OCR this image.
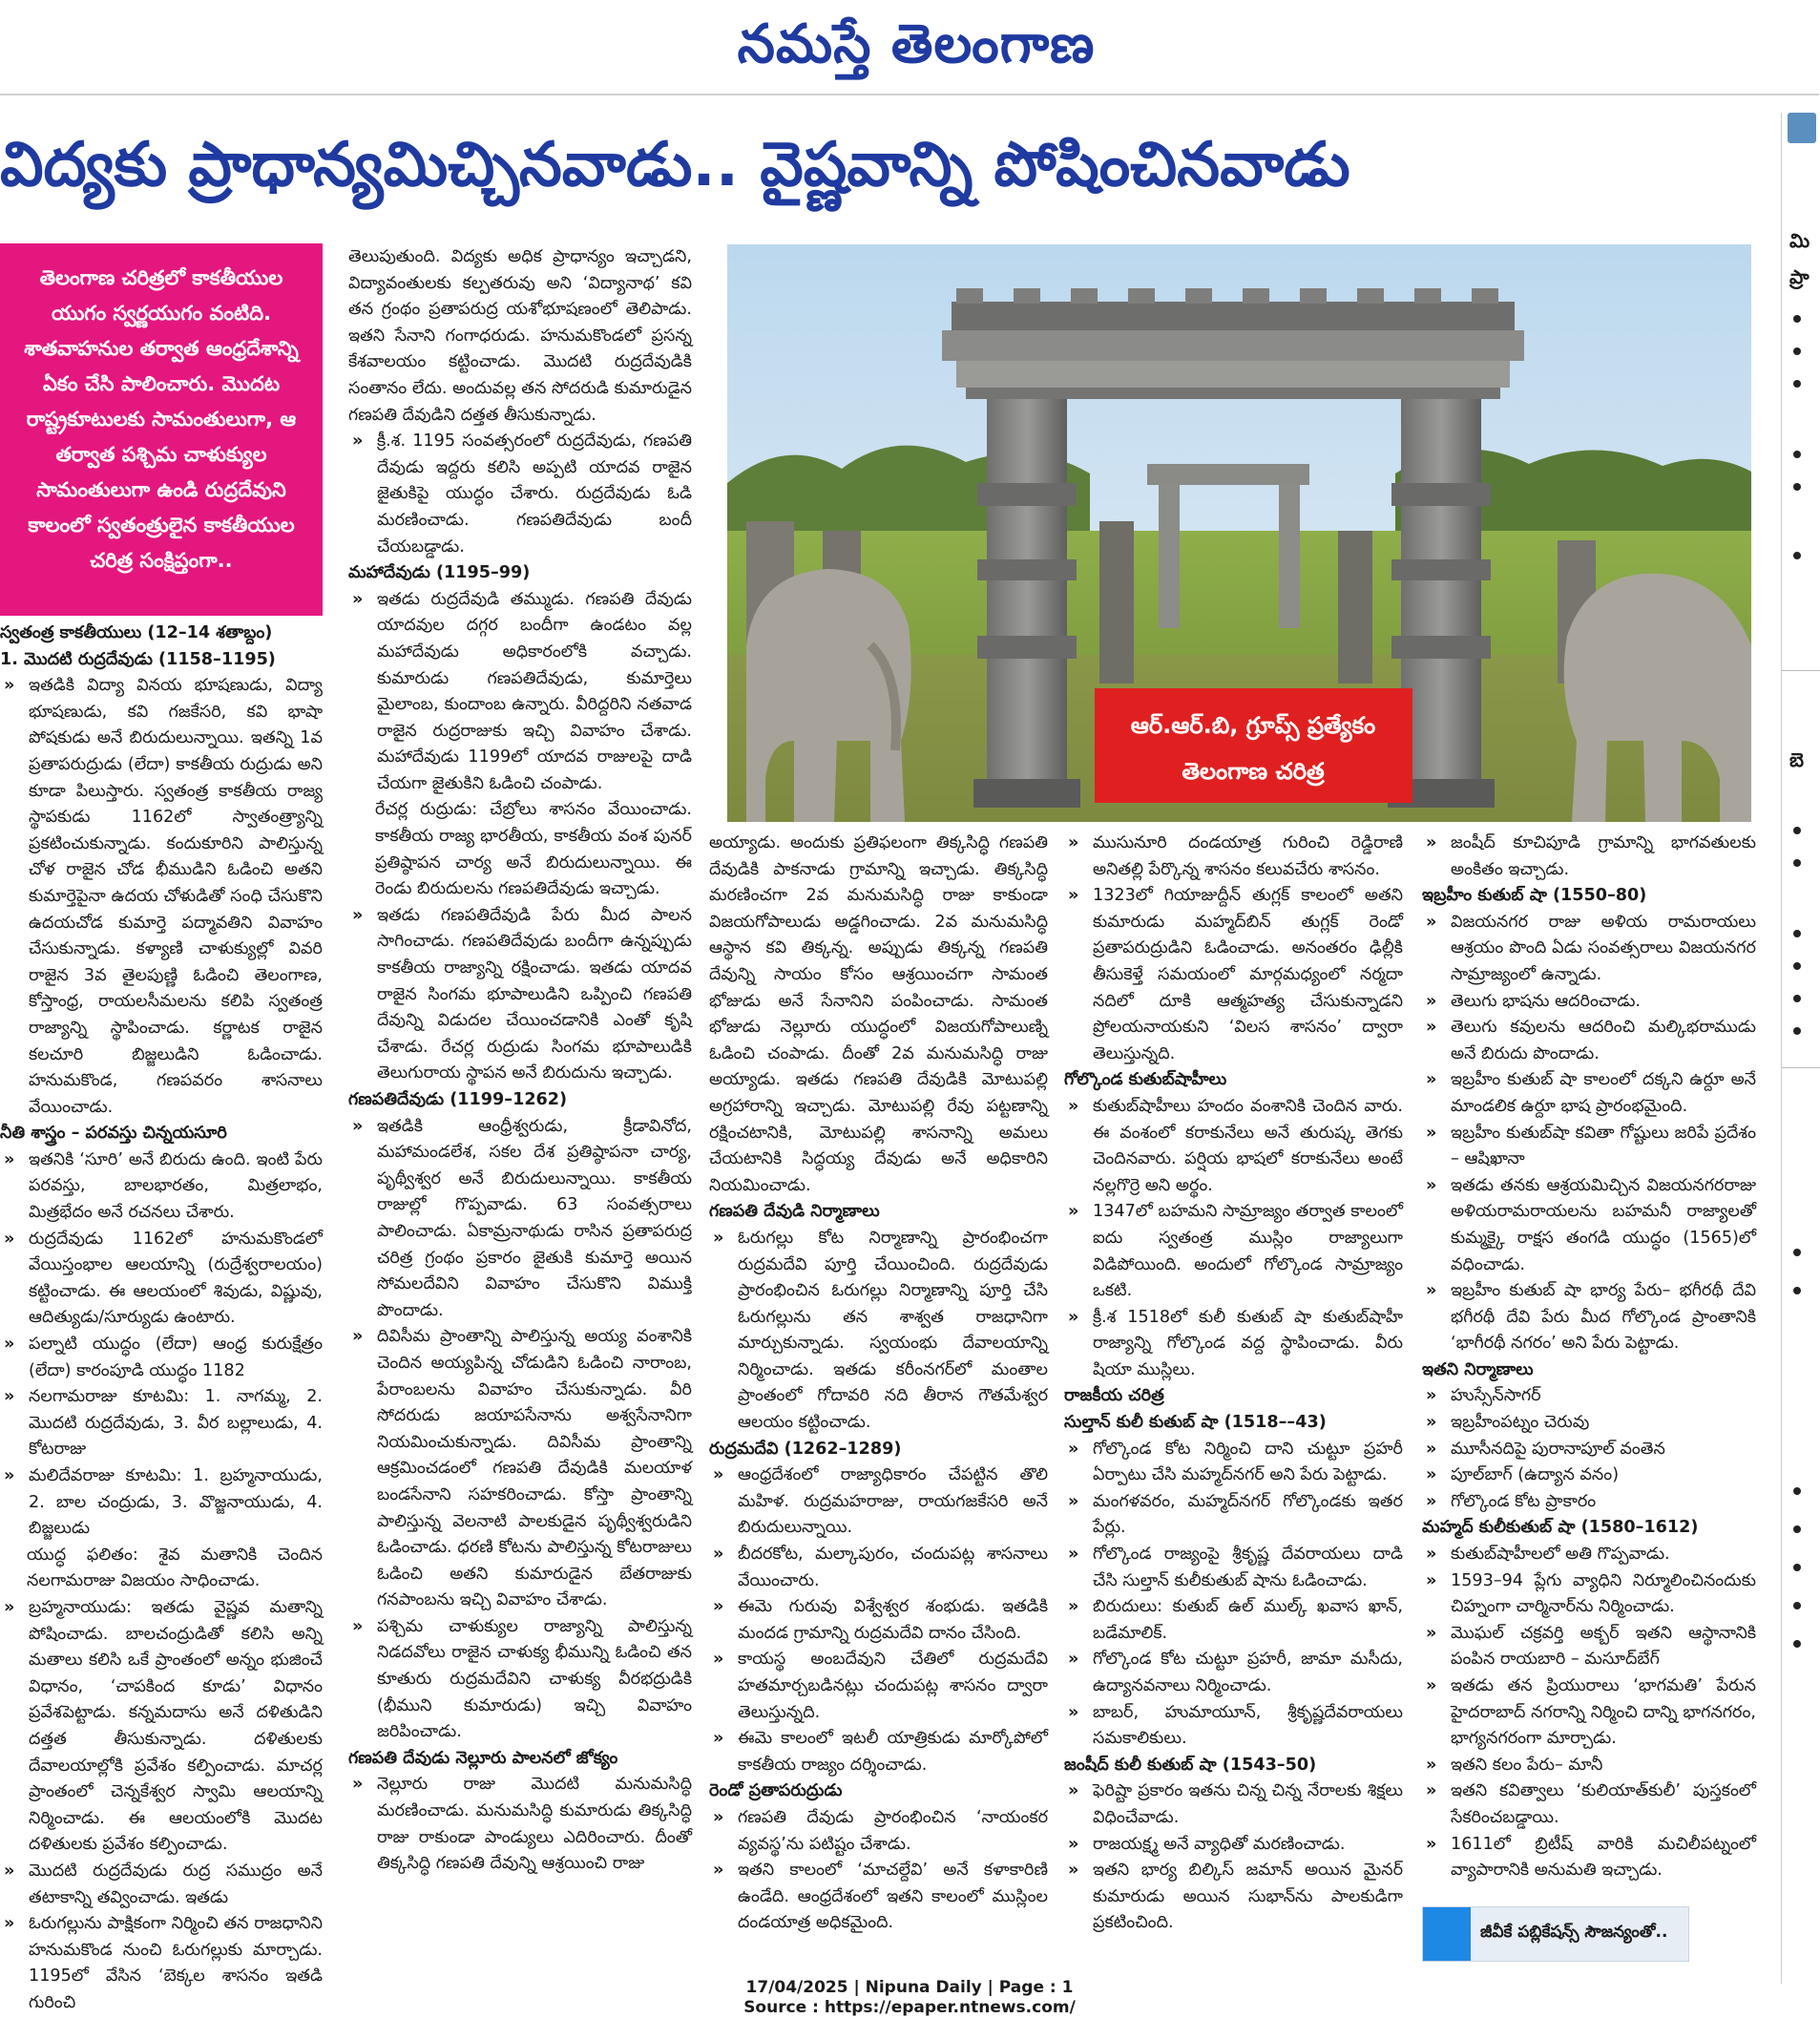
నమస్తే తెలంగాణ
విద్యకు ప్రాధాన్యమిచ్చినవాడు.. వైష్ణవాన్ని పోషించినవాడు
మి
ప్రా
బె
తెలంగాణ చరిత్రలో కాకతీయుల యుగం స్వర్ణయుగం వంటిది. శాతవాహనుల తర్వాత ఆంధ్రదేశాన్ని ఏకం చేసి పాలించారు. మొదట రాష్ట్రకూటులకు సామంతులుగా, ఆ తర్వాత పశ్చిమ చాళుక్యుల సామంతులుగా ఉండి రుద్రదేవుని కాలంలో స్వతంత్రులైన కాకతీయుల చరిత్ర సంక్షిప్తంగా..
ఆర్.ఆర్.బి, గ్రూప్స్ ప్రత్యేకం
తెలంగాణ చరిత్ర

స్వతంత్ర కాకతీయులు (12–14 శతాబ్దం)

1. మొదటి రుద్రదేవుడు (1158–1195)

» ఇతడికి విద్యా వినయ భూషణుడు, విద్యా భూషణుడు, కవి గజకేసరి, కవి భాషా పోషకుడు అనే బిరుదులున్నాయి. ఇతన్ని 1వ ప్రతాపరుద్రుడు (లేదా) కాకతీయ రుద్రుడు అని కూడా పిలుస్తారు. స్వతంత్ర కాకతీయ రాజ్య స్థాపకుడు 1162లో స్వాతంత్ర్యాన్ని ప్రకటించుకున్నాడు. కందుకూరిని పాలిస్తున్న చోళ రాజైన చోడ భీముడిని ఓడించి అతని కుమార్తెపైనా ఉదయ చోళుడితో సంధి చేసుకొని ఉదయచోడ కుమార్తె పద్మావతిని వివాహం చేసుకున్నాడు. కళ్యాణి చాళుక్యుల్లో వివరి రాజైన 3వ తైలపుణ్ణి ఓడించి తెలంగాణ, కోస్తాంధ్ర, రాయలసీమలను కలిపి స్వతంత్ర రాజ్యాన్ని స్థాపించాడు. కర్ణాటక రాజైన కలచూరి బిజ్జలుడిని ఓడించాడు. హనుమకొండ, గణపవరం శాసనాలు వేయించాడు.

నీతి శాస్త్రం – పరవస్తు చిన్నయసూరి

» ఇతనికి ‘సూరి’ అనే బిరుదు ఉంది. ఇంటి పేరు పరవస్తు, బాలభారతం, మిత్రలాభం, మిత్రభేదం అనే రచనలు చేశారు.

» రుద్రదేవుడు 1162లో హనుమకొండలో వేయిస్తంభాల ఆలయాన్ని (రుద్రేశ్వరాలయం) కట్టించాడు. ఈ ఆలయంలో శివుడు, విష్ణువు, ఆదిత్యుడు/సూర్యుడు ఉంటారు.

» పల్నాటి యుద్ధం (లేదా) ఆంధ్ర కురుక్షేత్రం (లేదా) కారంపూడి యుద్ధం 1182

» నలగామరాజు కూటమి: 1. నాగమ్మ, 2. మొదటి రుద్రదేవుడు, 3. వీర బల్లాలుడు, 4. కోటరాజు

» మలిదేవరాజు కూటమి: 1. బ్రహ్మనాయుడు, 2. బాల చంద్రుడు, 3. వొజ్జనాయుడు, 4. బిజ్జలుడు

యుద్ధ ఫలితం: శైవ మతానికి చెందిన నలగామరాజు విజయం సాధించాడు.

» బ్రహ్మనాయుడు: ఇతడు వైష్ణవ మతాన్ని పోషించాడు. బాలచంద్రుడితో కలిసి అన్ని మతాలు కలిసి ఒకే ప్రాంతంలో అన్నం భుజించే విధానం, ‘చాపకింద కూడు’ విధానం ప్రవేశపెట్టాడు. కన్నమదాసు అనే దళితుడిని దత్తత తీసుకున్నాడు. దళితులకు దేవాలయాల్లోకి ప్రవేశం కల్పించాడు. మాచర్ల ప్రాంతంలో చెన్నకేశ్వర స్వామి ఆలయాన్ని నిర్మించాడు. ఈ ఆలయంలోకి మొదట దళితులకు ప్రవేశం కల్పించాడు.

» మొదటి రుద్రదేవుడు రుద్ర సముద్రం అనే తటాకాన్ని తవ్వించాడు. ఇతడు

» ఓరుగల్లును పాక్షికంగా నిర్మించి తన రాజధానిని హనుమకొండ నుంచి ఓరుగల్లుకు మార్చాడు. 1195లో వేసిన ‘బెక్కల శాసనం ఇతడి గురించి

తెలుపుతుంది. విద్యకు అధిక ప్రాధాన్యం ఇచ్చాడని, విద్యావంతులకు కల్పతరువు అని ‘విద్యానాథ’ కవి తన గ్రంథం ప్రతాపరుద్ర యశోభూషణంలో తెలిపాడు. ఇతని సేనాని గంగాధరుడు. హనుమకొండలో ప్రసన్న కేశవాలయం కట్టించాడు. మొదటి రుద్రదేవుడికి సంతానం లేదు. అందువల్ల తన సోదరుడి కుమారుడైన గణపతి దేవుడిని దత్తత తీసుకున్నాడు.

» క్రీ.శ. 1195 సంవత్సరంలో రుద్రదేవుడు, గణపతి దేవుడు ఇద్దరు కలిసి అప్పటి యాదవ రాజైన జైతుకిపై యుద్ధం చేశారు. రుద్రదేవుడు ఓడి మరణించాడు. గణపతిదేవుడు బందీ చేయబడ్డాడు.

మహాదేవుడు (1195–99)

» ఇతడు రుద్రదేవుడి తమ్ముడు. గణపతి దేవుడు యాదవుల దగ్గర బందీగా ఉండటం వల్ల మహాదేవుడు అధికారంలోకి వచ్చాడు. కుమారుడు గణపతిదేవుడు, కుమార్తెలు మైలాంబ, కుందాంబ ఉన్నారు. వీరిద్దరిని నతవాడ రాజైన రుద్రరాజుకు ఇచ్చి వివాహం చేశాడు. మహాదేవుడు 1199లో యాదవ రాజులపై దాడి చేయగా జైతుకిని ఓడించి చంపాడు.

రేచర్ల రుద్రుడు: చేబ్రోలు శాసనం వేయించాడు. కాకతీయ రాజ్య భారతీయ, కాకతీయ వంశ పునర్ ప్రతిష్ఠాపన చార్య అనే బిరుదులున్నాయి. ఈ రెండు బిరుదులను గణపతిదేవుడు ఇచ్చాడు.

» ఇతడు గణపతిదేవుడి పేరు మీద పాలన సాగించాడు. గణపతిదేవుడు బందీగా ఉన్నప్పుడు కాకతీయ రాజ్యాన్ని రక్షించాడు. ఇతడు యాదవ రాజైన సింగమ భూపాలుడిని ఒప్పించి గణపతి దేవున్ని విడుదల చేయించడానికి ఎంతో కృషి చేశాడు. రేచర్ల రుద్రుడు సింగమ భూపాలుడికి తెలుగురాయ స్థాపన అనే బిరుదును ఇచ్చాడు.

గణపతిదేవుడు (1199–1262)

» ఇతడికి ఆంధ్రీశ్వరుడు, క్రీడావినోద, మహామండలేశ, సకల దేశ ప్రతిష్ఠాపనా చార్య, పృథ్వీశ్వర అనే బిరుదులున్నాయి. కాకతీయ రాజుల్లో గొప్పవాడు. 63 సంవత్సరాలు పాలించాడు. ఏకామ్రనాథుడు రాసిన ప్రతాపరుద్ర చరిత్ర గ్రంథం ప్రకారం జైతుకి కుమార్తె అయిన సోమలదేవిని వివాహం చేసుకొని విముక్తి పొందాడు.

» దివిసీమ ప్రాంతాన్ని పాలిస్తున్న అయ్య వంశానికి చెందిన అయ్యపిన్న చోడుడిని ఓడించి నారాంబ, పేరాంబలను వివాహం చేసుకున్నాడు. వీరి సోదరుడు జయాపసేనాను అశ్వసేనానిగా నియమించుకున్నాడు. దివిసీమ ప్రాంతాన్ని ఆక్రమించడంలో గణపతి దేవుడికి మలయాళ బండసేనాని సహకరించాడు. కోస్తా ప్రాంతాన్ని పాలిస్తున్న వెలనాటి పాలకుడైన పృథ్వీశ్వరుడిని ఓడించాడు. ధరణి కోటను పాలిస్తున్న కోటరాజులు ఓడించి అతని కుమారుడైన బేతరాజుకు గనపాంబను ఇచ్చి వివాహం చేశాడు.

» పశ్చిమ చాళుక్యుల రాజ్యాన్ని పాలిస్తున్న నిడదవోలు రాజైన చాళుక్య భీమున్ని ఓడించి తన కూతురు రుద్రమదేవిని చాళుక్య వీరభద్రుడికి (భీముని కుమారుడు) ఇచ్చి వివాహం జరిపించాడు.

గణపతి దేవుడు నెల్లూరు పాలనలో జోక్యం

» నెల్లూరు రాజు మొదటి మనుమసిద్ధి మరణించాడు. మనుమసిద్ధి కుమారుడు తిక్కసిద్ధి రాజు రాకుండా పాండ్యులు ఎదిరించారు. దీంతో తిక్కసిద్ధి గణపతి దేవున్ని ఆశ్రయించి రాజు

అయ్యాడు. అందుకు ప్రతిఫలంగా తిక్కసిద్ధి గణపతి దేవుడికి పాకనాడు గ్రామాన్ని ఇచ్చాడు. తిక్కసిద్ధి మరణించగా 2వ మనుమసిద్ధి రాజు కాకుండా విజయగోపాలుడు అడ్డగించాడు. 2వ మనుమసిద్ధి ఆస్థాన కవి తిక్కన్న. అప్పుడు తిక్కన్న గణపతి దేవున్ని సాయం కోసం ఆశ్రయించగా సామంత భోజుడు అనే సేనానిని పంపించాడు. సామంత భోజుడు నెల్లూరు యుద్ధంలో విజయగోపాలుణ్ని ఓడించి చంపాడు. దీంతో 2వ మనుమసిద్ధి రాజు అయ్యాడు. ఇతడు గణపతి దేవుడికి మోటుపల్లి అగ్రహారాన్ని ఇచ్చాడు. మోటుపల్లి రేవు పట్టణాన్ని రక్షించటానికి, మోటుపల్లి శాసనాన్ని అమలు చేయటానికి సిద్ధయ్య దేవుడు అనే అధికారిని నియమించాడు.

గణపతి దేవుడి నిర్మాణాలు

» ఓరుగల్లు కోట నిర్మాణాన్ని ప్రారంభించగా రుద్రమదేవి పూర్తి చేయించింది. రుద్రదేవుడు ప్రారంభించిన ఓరుగల్లు నిర్మాణాన్ని పూర్తి చేసి ఓరుగల్లును తన శాశ్వత రాజధానిగా మార్చుకున్నాడు. స్వయంభు దేవాలయాన్ని నిర్మించాడు. ఇతడు కరీంనగర్‌లో మంతాల ప్రాంతంలో గోదావరి నది తీరాన గౌతమేశ్వర ఆలయం కట్టించాడు.

రుద్రమదేవి (1262–1289)

» ఆంధ్రదేశంలో రాజ్యాధికారం చేపట్టిన తొలి మహిళ. రుద్రమహరాజు, రాయగజకేసరి అనే బిరుదులున్నాయి.

» బీదరకోట, మల్కాపురం, చందుపట్ల శాసనాలు వేయించారు.

» ఈమె గురువు విశ్వేశ్వర శంభుడు. ఇతడికి మందడ గ్రామాన్ని రుద్రమదేవి దానం చేసింది.

» కాయస్థ అంబదేవుని చేతిలో రుద్రమదేవి హతమార్చబడినట్లు చందుపట్ల శాసనం ద్వారా తెలుస్తున్నది.

» ఈమె కాలంలో ఇటలీ యాత్రికుడు మార్కోపోలో కాకతీయ రాజ్యం దర్శించాడు.

రెండో ప్రతాపరుద్రుడు

» గణపతి దేవుడు ప్రారంభించిన ‘నాయంకర వ్యవస్థ’ను పటిష్టం చేశాడు.

» ఇతని కాలంలో ‘మాచల్దేవి’ అనే కళాకారిణి ఉండేది. ఆంధ్రదేశంలో ఇతని కాలంలో ముస్లింల దండయాత్ర అధికమైంది.

» ముసునూరి దండయాత్ర గురించి రెడ్డిరాణి అనితల్లి పేర్కొన్న శాసనం కలువచేరు శాసనం.

» 1323లో గియాజుద్దీన్ తుగ్లక్ కాలంలో అతని కుమారుడు మహ్మద్‌బిన్ తుగ్లక్ రెండో ప్రతాపరుద్రుడిని ఓడించాడు. అనంతరం ఢిల్లీకి తీసుకెళ్తే సమయంలో మార్గమధ్యంలో నర్మదా నదిలో దూకి ఆత్మహత్య చేసుకున్నాడని ప్రోలయనాయకుని ‘విలస శాసనం’ ద్వారా తెలుస్తున్నది.

గోల్కొండ కుతుబ్‌షాహీలు

» కుతుబ్‌షాహీలు హందం వంశానికి చెందిన వారు. ఈ వంశంలో కరాకునేలు అనే తురుష్క తెగకు చెందినవారు. పర్షియ భాషలో కరాకునేలు అంటే నల్లగొర్రె అని అర్థం.

» 1347లో బహమని సామ్రాజ్యం తర్వాత కాలంలో ఐదు స్వతంత్ర ముస్లిం రాజ్యాలుగా విడిపోయింది. అందులో గోల్కొండ సామ్రాజ్యం ఒకటి.

» క్రీ.శ 1518లో కులీ కుతుబ్ షా కుతుబ్‌షాహీ రాజ్యాన్ని గోల్కొండ వద్ద స్థాపించాడు. వీరు షియా ముస్లిలు.

రాజకీయ చరిత్ర

సుల్తాన్ కులీ కుతుబ్ షా (1518––43)

» గోల్కొండ కోట నిర్మించి దాని చుట్టూ ప్రహరీ ఏర్పాటు చేసి మహ్మద్‌నగర్ అని పేరు పెట్టాడు.

» మంగళవరం, మహ్మద్‌నగర్ గోల్కొండకు ఇతర పేర్లు.

» గోల్కొండ రాజ్యంపై శ్రీకృష్ణ దేవరాయలు దాడి చేసి సుల్తాన్ కులీకుతుబ్ షాను ఓడించాడు.

» బిరుదులు: కుతుబ్ ఉల్ ముల్క్ ఖవాస ఖాన్, బడేమాలిక్.

» గోల్కొండ కోట చుట్టూ ప్రహరీ, జామా మసీదు, ఉద్యానవనాలు నిర్మించాడు.

» బాబర్, హుమాయూన్, శ్రీకృష్ణదేవరాయలు సమకాలికులు.

జంషీద్ కులీ కుతుబ్ షా (1543–50)

» ఫెరిష్టా ప్రకారం ఇతను చిన్న చిన్న నేరాలకు శిక్షలు విధించేవాడు.

» రాజయక్ష్మ అనే వ్యాధితో మరణించాడు.

» ఇతని భార్య బిల్కిస్ జమాన్ అయిన మైనర్ కుమారుడు అయిన సుభాన్‌ను పాలకుడిగా ప్రకటించింది.

» జంషీద్ కూచిపూడి గ్రామాన్ని భాగవతులకు అంకితం ఇచ్చాడు.

ఇబ్రహీం కుతుబ్ షా (1550–80)

» విజయనగర రాజు అళియ రామరాయలు ఆశ్రయం పొంది ఏడు సంవత్సరాలు విజయనగర సామ్రాజ్యంలో ఉన్నాడు.

» తెలుగు భాషను ఆదరించాడు.

» తెలుగు కవులను ఆదరించి మల్కిభరాముడు అనే బిరుదు పొందాడు.

» ఇబ్రహీం కుతుబ్ షా కాలంలో దక్కని ఉర్దూ అనే మాండలిక ఉర్దూ భాష ప్రారంభమైంది.

» ఇబ్రహీం కుతుబ్‌షా కవితా గోష్టులు జరిపే ప్రదేశం – ఆషిఖానా

» ఇతడు తనకు ఆశ్రయమిచ్చిన విజయనగరరాజు అళియరామరాయలను బహమనీ రాజ్యాలతో కుమ్మక్కై రాక్షస తంగడి యుద్ధం (1565)లో వధించాడు.

» ఇబ్రహీం కుతుబ్ షా భార్య పేరు– భగీరథీ దేవి భగీరథీ దేవి పేరు మీద గోల్కొండ ప్రాంతానికి ‘భాగీరథీ నగరం’ అని పేరు పెట్టాడు.

ఇతని నిర్మాణాలు

» హుస్సేన్‌సాగర్

» ఇబ్రహీంపట్నం చెరువు

» మూసీనదిపై పురానాపూల్ వంతెన

» పూల్‌బాగ్ (ఉద్యాన వనం)

» గోల్కొండ కోట ప్రాకారం

మహ్మద్ కులీకుతుబ్ షా (1580–1612)

» కుతుబ్‌షాహీలలో అతి గొప్పవాడు.

» 1593–94 ప్లేగు వ్యాధిని నిర్మూలించినందుకు చిహ్నంగా చార్మినార్‌ను నిర్మించాడు.

» మొఘల్ చక్రవర్తి అక్బర్ ఇతని ఆస్థానానికి పంపిన రాయబారి – మసూద్‌బేగ్

» ఇతడు తన ప్రియురాలు ‘భాగమతి’ పేరున హైదరాబాద్ నగరాన్ని నిర్మించి దాన్ని భాగనగరం, భాగ్యనగరంగా మార్చాడు.

» ఇతని కలం పేరు– మానీ

» ఇతని కవిత్వాలు ‘కులియాత్‌కులీ’ పుస్తకంలో సేకరించబడ్డాయి.

» 1611లో బ్రిటీష్ వారికి మచిలీపట్నంలో వ్యాపారానికి అనుమతి ఇచ్చాడు.

జీవీకే పబ్లికేషన్స్ సౌజన్యంతో..
17/04/2025 | Nipuna Daily | Page : 1
Source : https://epaper.ntnews.com/
